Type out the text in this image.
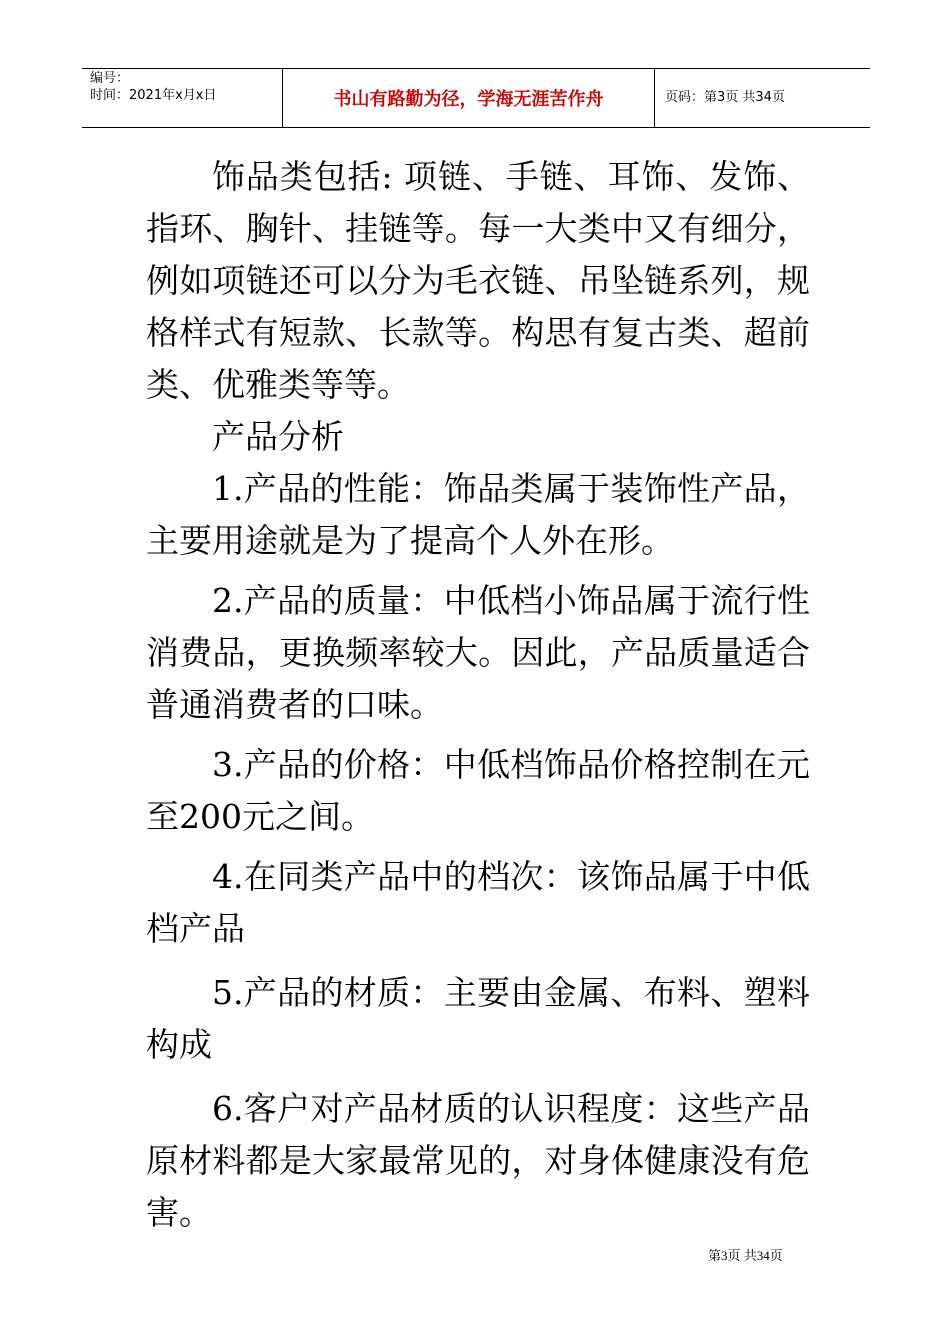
编号：
时间：2021年x月x日	书山有路勤为径，学海无涯苦作舟	页码：第3页 共34页

饰品类包括: 项链、手链、耳饰、发饰、指环、胸针、挂链等。每一大类中又有细分，例如项链还可以分为毛衣链、吊坠链系列，规格样式有短款、长款等。构思有复古类、超前类、优雅类等等。

产品分析

1.产品的性能：饰品类属于装饰性产品，主要用途就是为了提高个人外在形。

2.产品的质量：中低档小饰品属于流行性消费品，更换频率较大。因此，产品质量适合普通消费者的口味。

3.产品的价格：中低档饰品价格控制在元至200元之间。

4.在同类产品中的档次：该饰品属于中低档产品

5.产品的材质：主要由金属、布料、塑料构成

6.客户对产品材质的认识程度：这些产品原材料都是大家最常见的，对身体健康没有危害。

第3页 共34页
